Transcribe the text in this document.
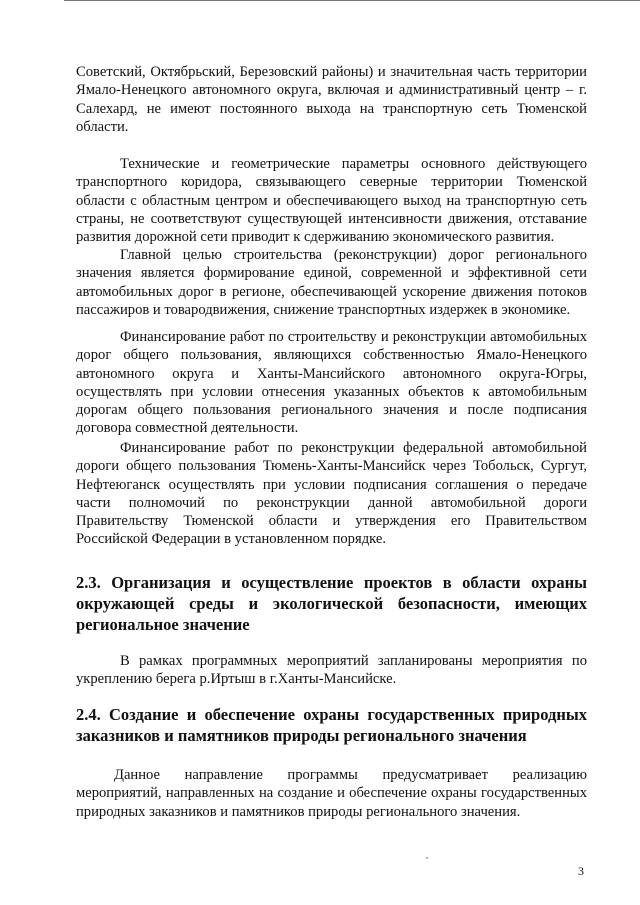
Советский, Октябрьский, Березовский районы) и значительная часть территории Ямало-Ненецкого автономного округа, включая и административный центр – г. Салехард, не имеют постоянного выхода на транспортную сеть Тюменской области.

Технические и геометрические параметры основного действующего транспортного коридора, связывающего северные территории Тюменской области с областным центром и обеспечивающего выход на транспортную сеть страны, не соответствуют существующей интенсивности движения, отставание развития дорожной сети приводит к сдерживанию экономического развития.

Главной целью строительства (реконструкции) дорог регионального значения является формирование единой, современной и эффективной сети автомобильных дорог в регионе, обеспечивающей ускорение движения потоков пассажиров и товародвижения, снижение транспортных издержек в экономике.

Финансирование работ по строительству и реконструкции автомобильных дорог общего пользования, являющихся собственностью Ямало-Ненецкого автономного округа и Ханты-Мансийского автономного округа-Югры, осуществлять при условии отнесения указанных объектов к автомобильным дорогам общего пользования регионального значения и после подписания договора совместной деятельности.

Финансирование работ по реконструкции федеральной автомобильной дороги общего пользования Тюмень-Ханты-Мансийск через Тобольск, Сургут, Нефтеюганск осуществлять при условии подписания соглашения о передаче части полномочий по реконструкции данной автомобильной дороги Правительству Тюменской области и утверждения его Правительством Российской Федерации в установленном порядке.

2.3. Организация и осуществление проектов в области охраны окружающей среды и экологической безопасности, имеющих региональное значение

В рамках программных мероприятий запланированы мероприятия по укреплению берега р.Иртыш в г.Ханты-Мансийске.

2.4. Создание и обеспечение охраны государственных природных заказников и памятников природы регионального значения

Данное направление программы предусматривает реализацию мероприятий, направленных на создание и обеспечение охраны государственных природных заказников и памятников природы регионального значения.

3
